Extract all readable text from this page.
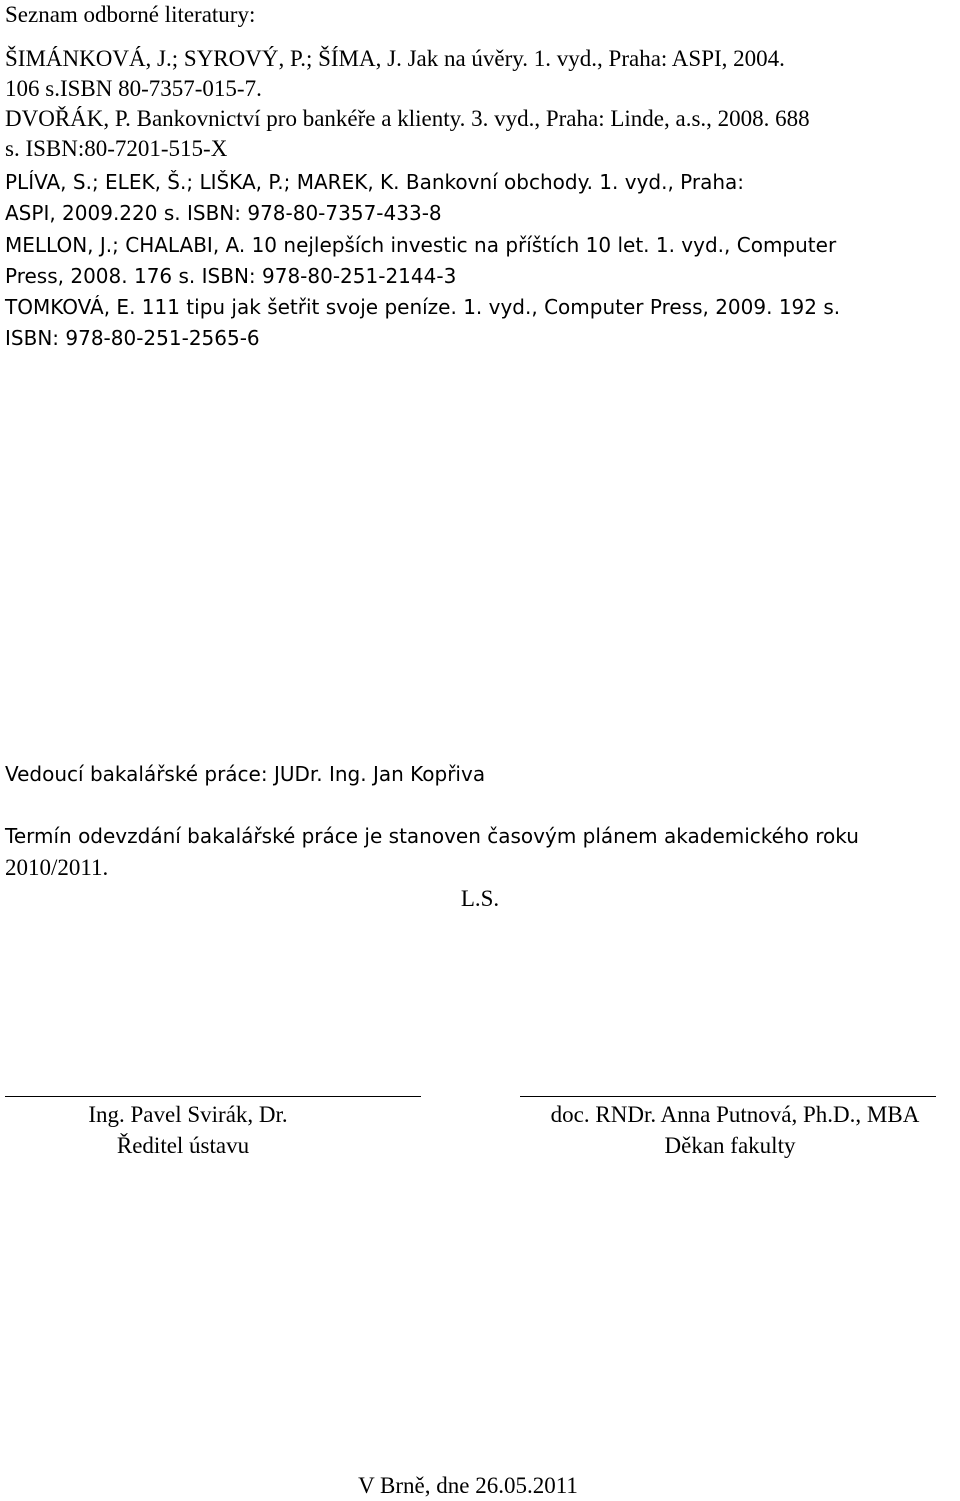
Seznam odborné literatury:
ŠIMÁNKOVÁ, J.; SYROVÝ, P.; ŠÍMA, J. Jak na úvěry. 1. vyd., Praha: ASPI, 2004.
106 s.ISBN 80-7357-015-7.
DVOŘÁK, P. Bankovnictví pro bankéře a klienty. 3. vyd., Praha: Linde, a.s., 2008. 688
s. ISBN:80-7201-515-X
PLÍVA, S.; ELEK, Š.; LIŠKA, P.; MAREK, K. Bankovní obchody. 1. vyd., Praha:
ASPI, 2009.220 s. ISBN: 978-80-7357-433-8
MELLON, J.; CHALABI, A. 10 nejlepších investic na příštích 10 let. 1. vyd., Computer
Press, 2008. 176 s. ISBN: 978-80-251-2144-3
TOMKOVÁ, E. 111 tipu jak šetřit svoje peníze. 1. vyd., Computer Press, 2009. 192 s.
ISBN: 978-80-251-2565-6
Vedoucí bakalářské práce: JUDr. Ing. Jan Kopřiva
Termín odevzdání bakalářské práce je stanoven časovým plánem akademického roku
2010/2011.
L.S.
Ing. Pavel Svirák, Dr.
Ředitel ústavu
doc. RNDr. Anna Putnová, Ph.D., MBA
Děkan fakulty
V Brně, dne 26.05.2011
